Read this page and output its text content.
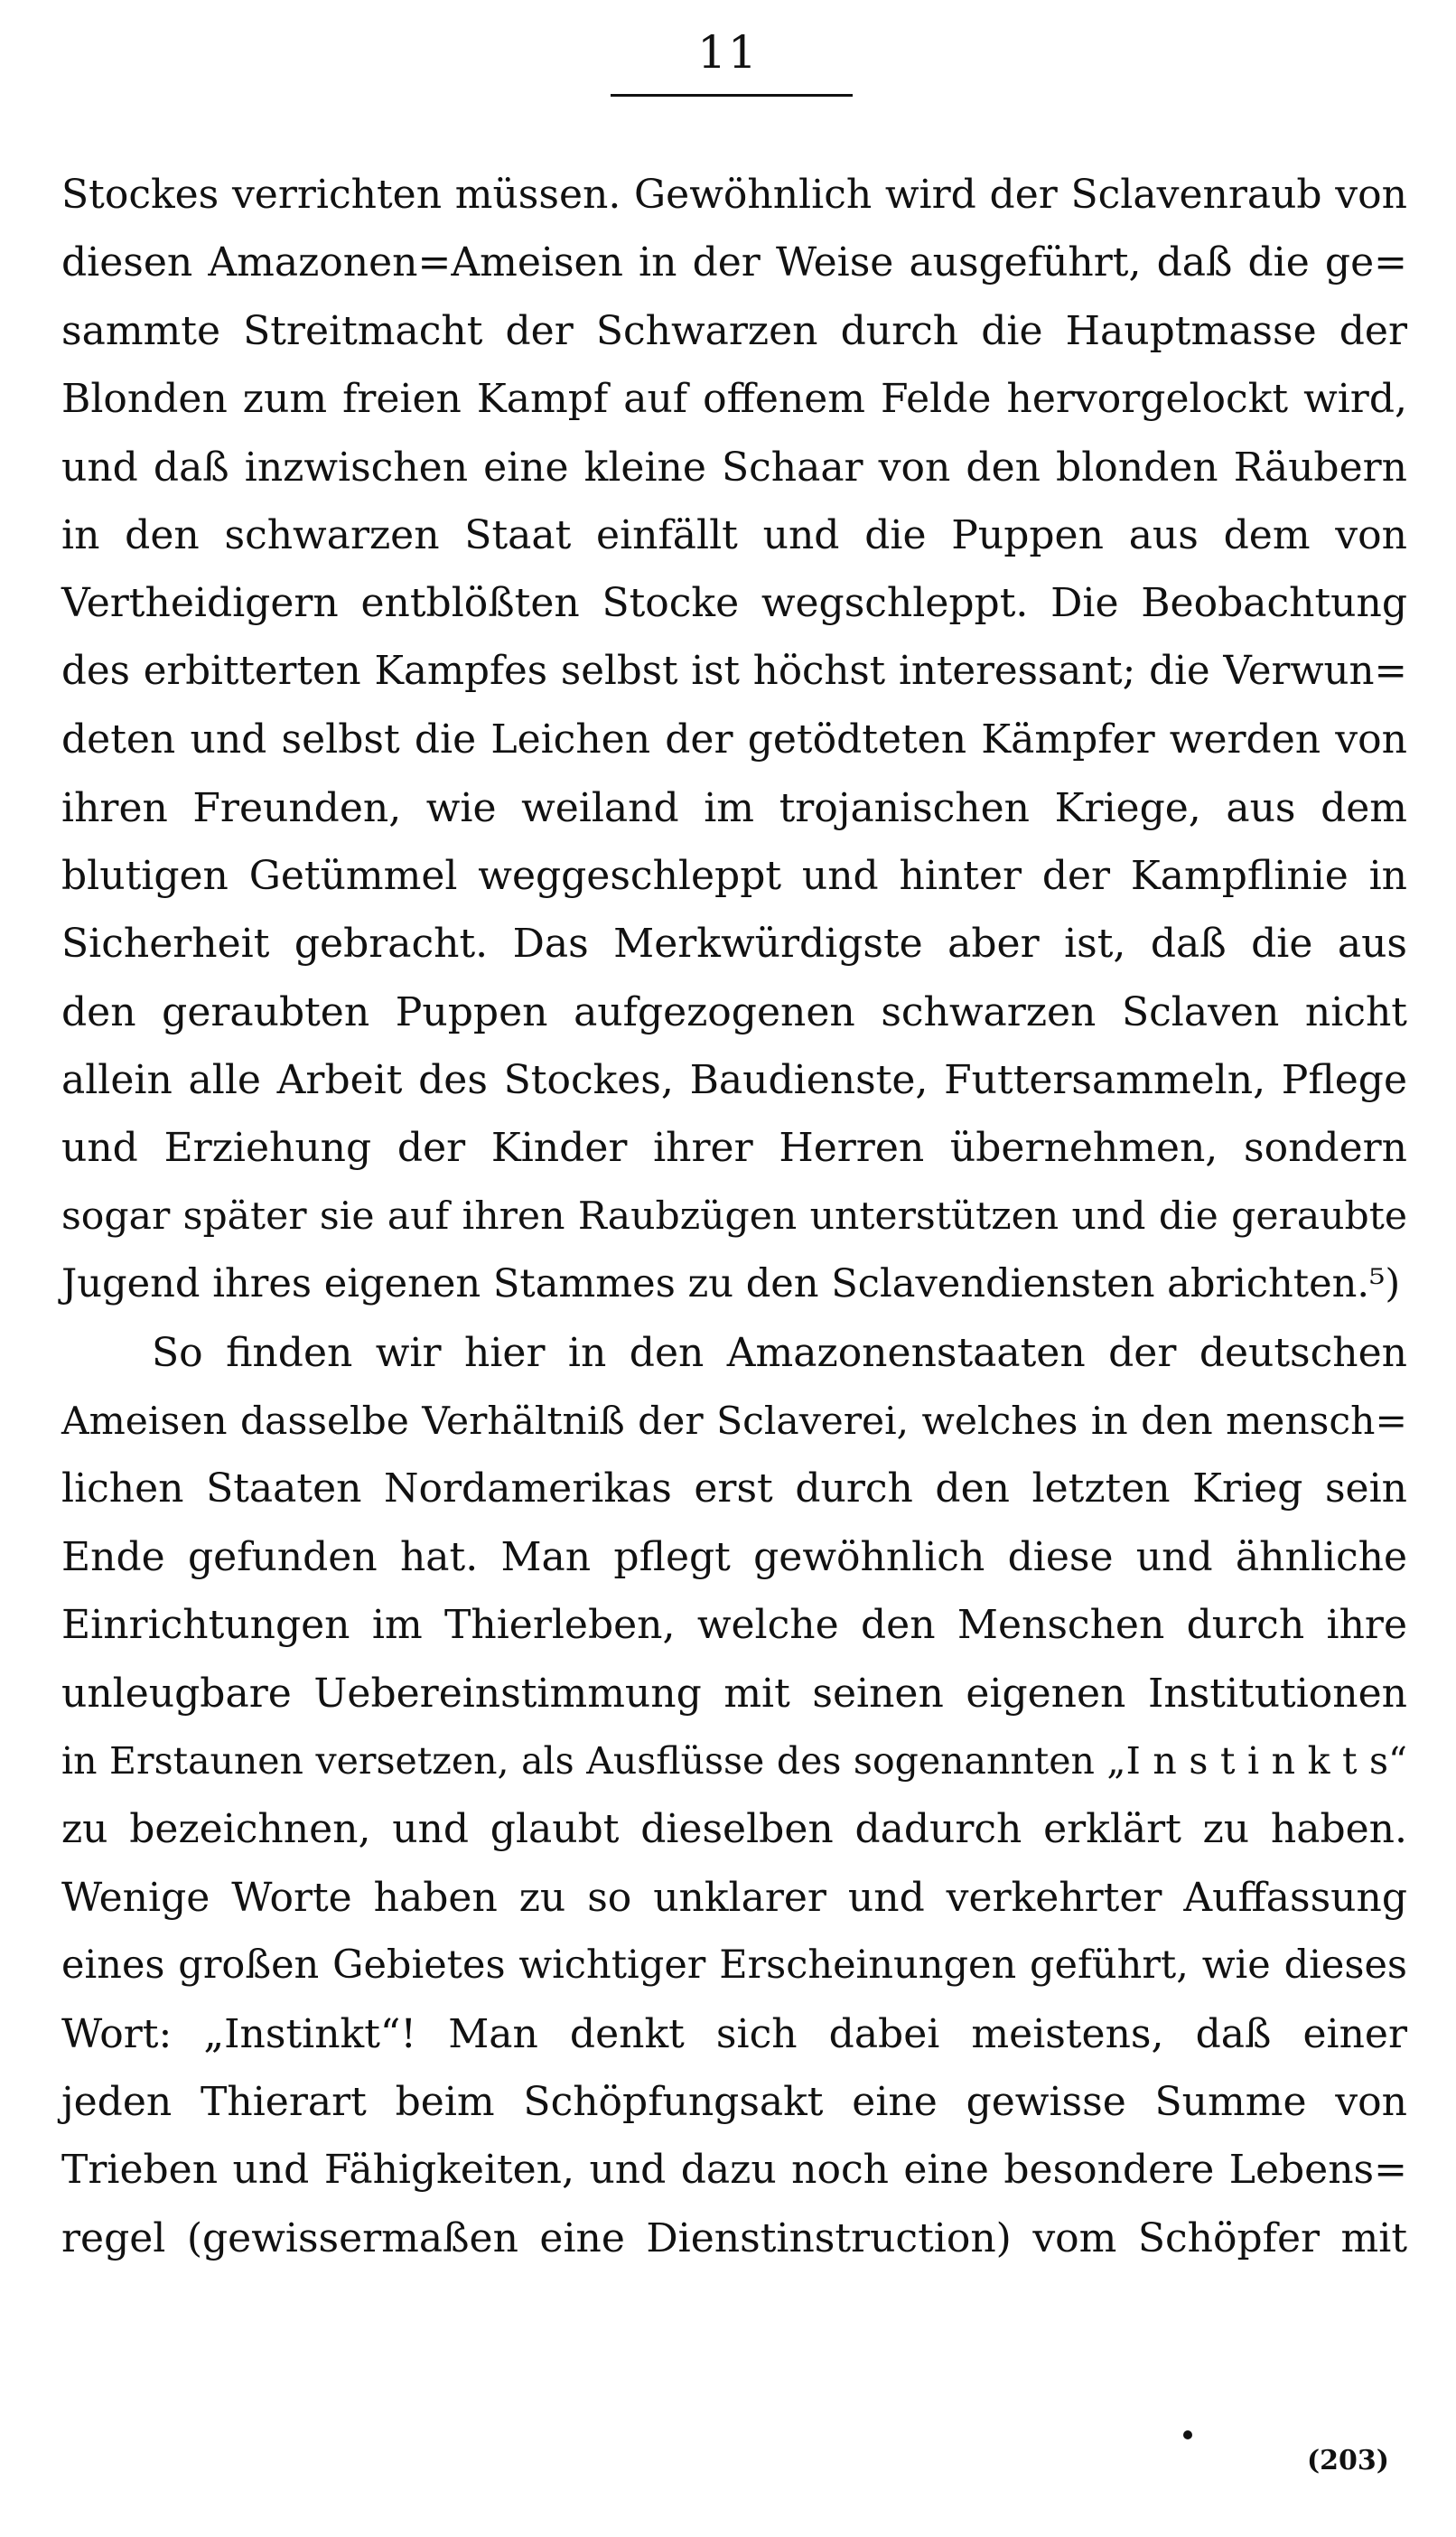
11
Stockes verrichten müssen. Gewöhnlich wird der Sclavenraub von
diesen Amazonen=Ameisen in der Weise ausgeführt, daß die ge=
sammte Streitmacht der Schwarzen durch die Hauptmasse der
Blonden zum freien Kampf auf offenem Felde hervorgelockt wird,
und daß inzwischen eine kleine Schaar von den blonden Räubern
in den schwarzen Staat einfällt und die Puppen aus dem von
Vertheidigern entblößten Stocke wegschleppt. Die Beobachtung
des erbitterten Kampfes selbst ist höchst interessant; die Verwun=
deten und selbst die Leichen der getödteten Kämpfer werden von
ihren Freunden, wie weiland im trojanischen Kriege, aus dem
blutigen Getümmel weggeschleppt und hinter der Kampflinie in
Sicherheit gebracht. Das Merkwürdigste aber ist, daß die aus
den geraubten Puppen aufgezogenen schwarzen Sclaven nicht
allein alle Arbeit des Stockes, Baudienste, Futtersammeln, Pflege
und Erziehung der Kinder ihrer Herren übernehmen, sondern
sogar später sie auf ihren Raubzügen unterstützen und die geraubte
Jugend ihres eigenen Stammes zu den Sclavendiensten abrichten.⁵)
So finden wir hier in den Amazonenstaaten der deutschen
Ameisen dasselbe Verhältniß der Sclaverei, welches in den mensch=
lichen Staaten Nordamerikas erst durch den letzten Krieg sein
Ende gefunden hat. Man pflegt gewöhnlich diese und ähnliche
Einrichtungen im Thierleben, welche den Menschen durch ihre
unleugbare Uebereinstimmung mit seinen eigenen Institutionen
in Erstaunen versetzen, als Ausflüsse des sogenannten „I n s t i n k t s“
zu bezeichnen, und glaubt dieselben dadurch erklärt zu haben.
Wenige Worte haben zu so unklarer und verkehrter Auffassung
eines großen Gebietes wichtiger Erscheinungen geführt, wie dieses
Wort: „Instinkt“! Man denkt sich dabei meistens, daß einer
jeden Thierart beim Schöpfungsakt eine gewisse Summe von
Trieben und Fähigkeiten, und dazu noch eine besondere Lebens=
regel (gewissermaßen eine Dienstinstruction) vom Schöpfer mit
(203)
